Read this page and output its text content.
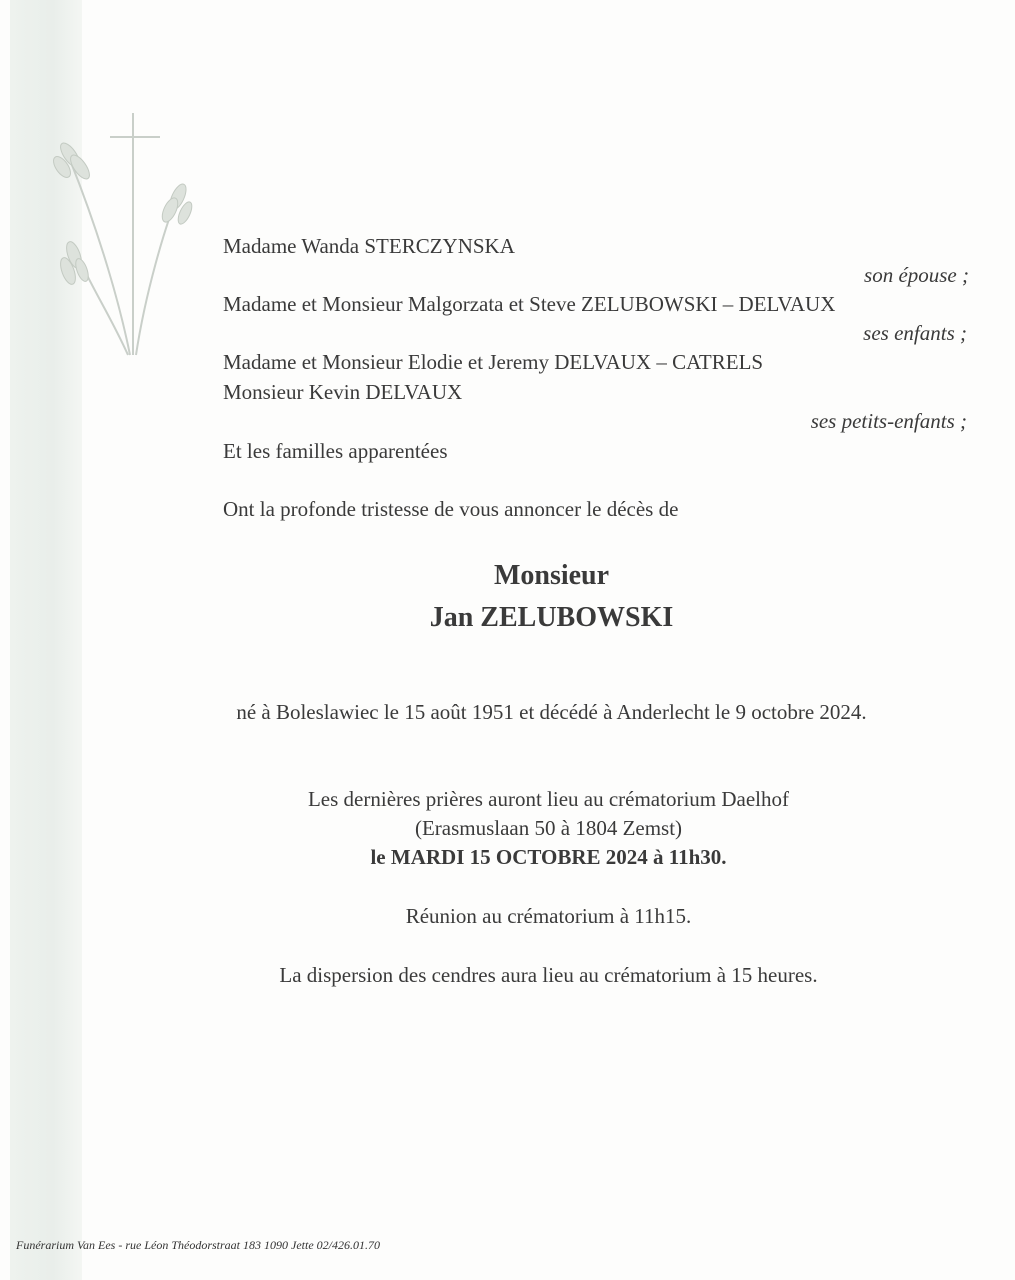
Madame Wanda STERCZYNSKA
son épouse ;
Madame et Monsieur Malgorzata et Steve ZELUBOWSKI – DELVAUX
ses enfants ;
Madame et Monsieur Elodie et Jeremy DELVAUX – CATRELS
Monsieur Kevin DELVAUX
ses petits-enfants ;
Et les familles apparentées
Ont la profonde tristesse de vous annoncer le décès de
Monsieur
Jan ZELUBOWSKI
né à Boleslawiec le 15 août 1951 et décédé à Anderlecht le 9 octobre 2024.
Les dernières prières auront lieu au crématorium Daelhof
(Erasmuslaan 50 à 1804 Zemst)
le MARDI 15 OCTOBRE 2024 à 11h30.
Réunion au crématorium à 11h15.
La dispersion des cendres aura lieu au crématorium à 15 heures.
Funérarium Van Ees - rue Léon Théodorstraat 183 1090 Jette 02/426.01.70
